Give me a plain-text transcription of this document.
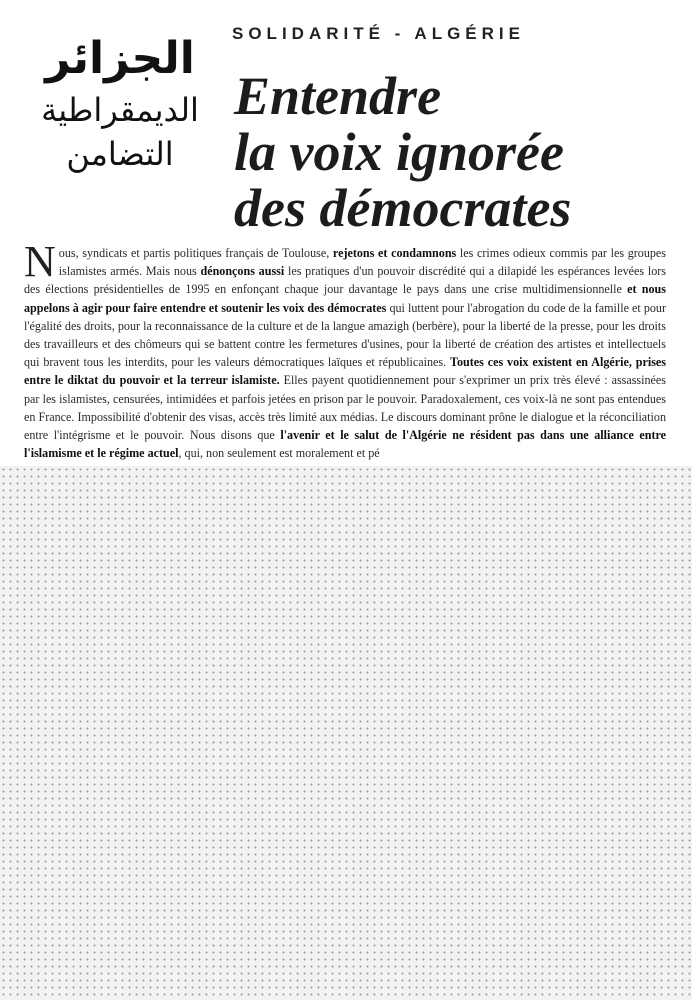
SOLIDARITÉ - ALGÉRIE
الجزائر
الديمقراطية
التضامن
Entendre
la voix ignorée
des démocrates
N ous, syndicats et partis politiques français de Toulouse, rejetons et condamnons les crimes odieux commis par les groupes islamistes armés. Mais nous dénonçons aussi les pratiques d'un pouvoir discrédité qui a dilapidé les espérances levées lors des élections présidentielles de 1995 en enfonçant chaque jour davantage le pays dans une crise multidimensionnelle et nous appelons à agir pour faire entendre et soutenir les voix des démocrates qui luttent pour l'abrogation du code de la famille et pour l'égalité des droits, pour la reconnaissance de la culture et de la langue amazigh (berbère), pour la liberté de la presse, pour les droits des travailleurs et des chômeurs qui se battent contre les fermetures d'usines, pour la liberté de création des artistes et intellectuels qui bravent tous les interdits, pour les valeurs démocratiques laïques et républicaines. Toutes ces voix existent en Algérie, prises entre le diktat du pouvoir et la terreur islamiste. Elles payent quotidiennement pour s'exprimer un prix très élevé : assassinées par les islamistes, censurées, intimidées et parfois jetées en prison par le pouvoir. Paradoxalement, ces voix-là ne sont pas entendues en France. Impossibilité d'obtenir des visas, accès très limité aux médias. Le discours dominant prône le dialogue et la réconciliation entre l'intégrisme et le pouvoir. Nous disons que l'avenir et le salut de l'Algérie ne résident pas dans une alliance entre l'islamisme et le régime actuel, qui, non seulement est moralement et pé
